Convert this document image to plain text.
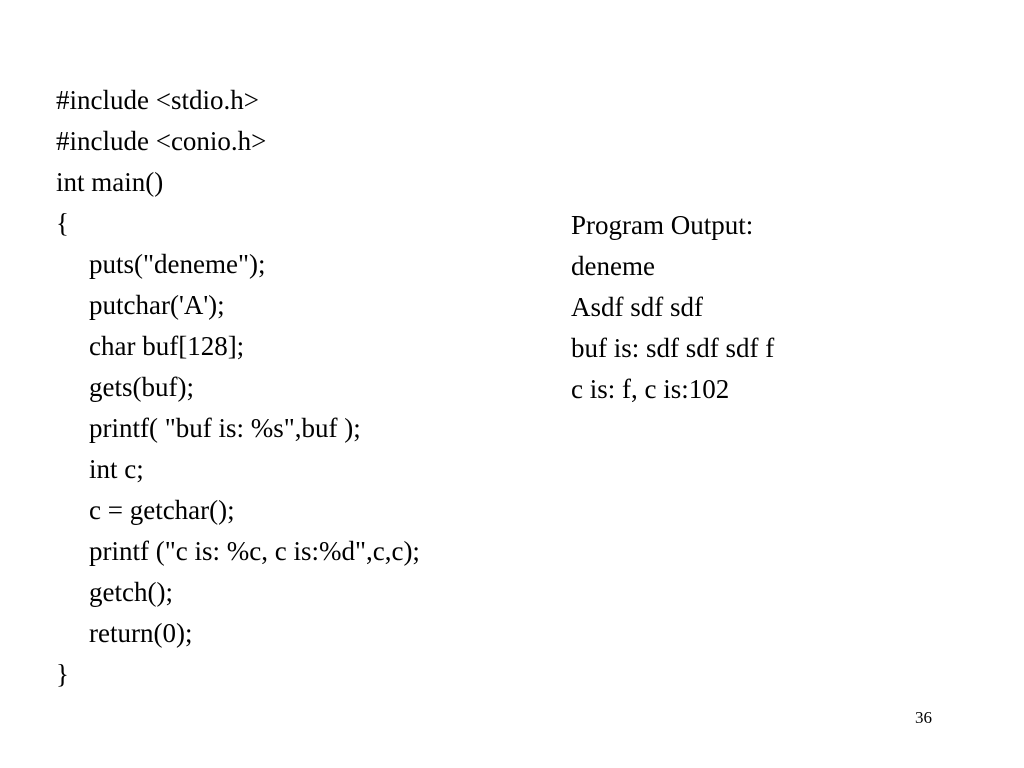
#include <stdio.h>
#include <conio.h>
int main()
{
puts("deneme");
putchar('A');
char buf[128];
gets(buf);
printf( "buf is: %s",buf );
int c;
c = getchar();
printf ("c is: %c, c is:%d",c,c);
getch();
return(0);
}
Program Output:
deneme
Asdf sdf sdf
buf is: sdf sdf sdf f
c is: f, c is:102
36
